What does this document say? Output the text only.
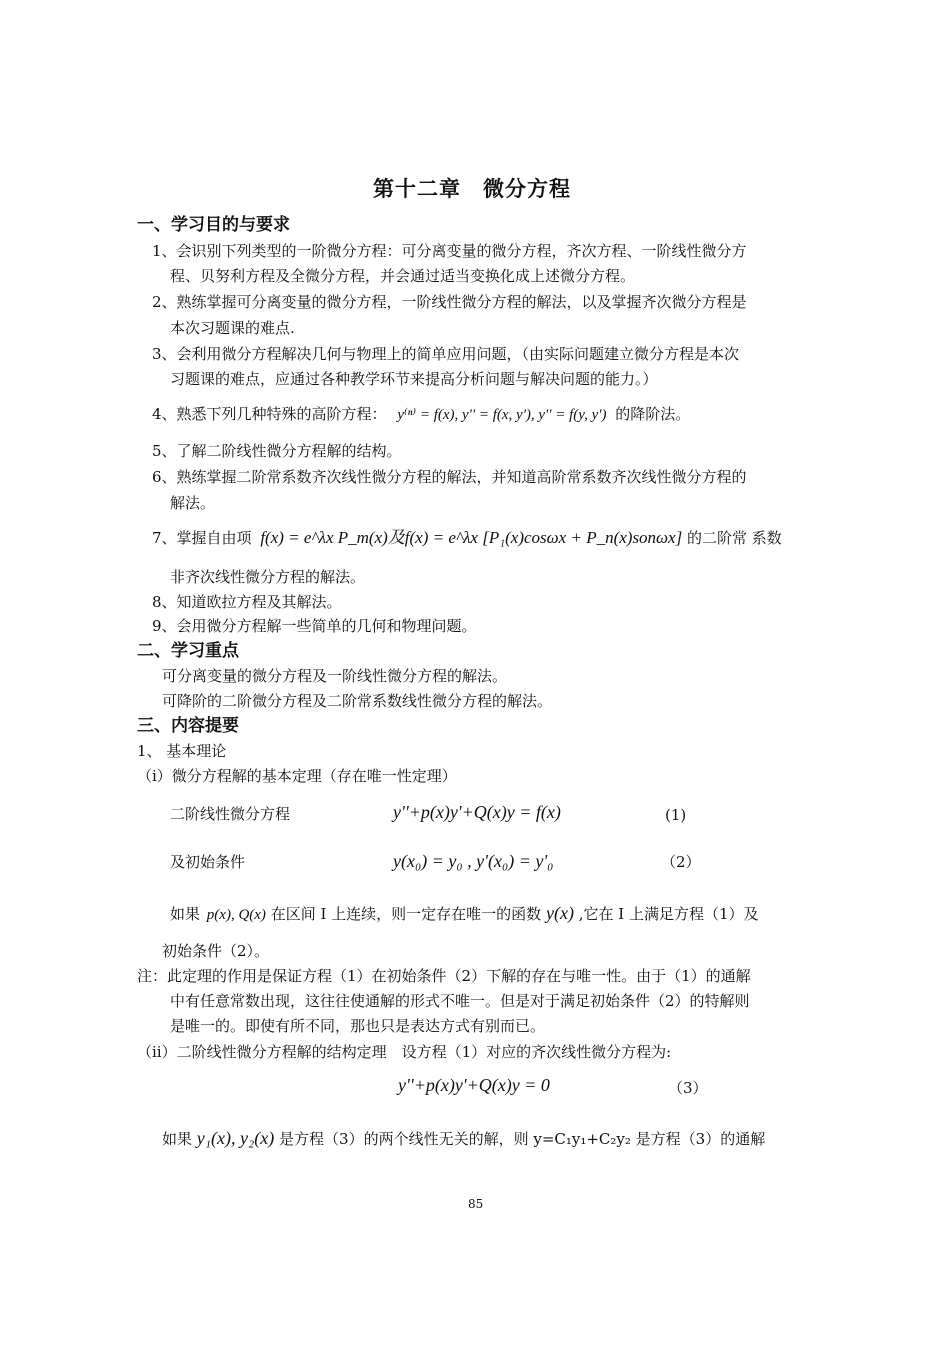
第十二章　微分方程
一、学习目的与要求
1、会识别下列类型的一阶微分方程：可分离变量的微分方程，齐次方程、一阶线性微分方
程、贝努利方程及全微分方程，并会通过适当变换化成上述微分方程。
2、熟练掌握可分离变量的微分方程，一阶线性微分方程的解法，以及掌握齐次微分方程是
本次习题课的难点.
3、会利用微分方程解决几何与物理上的简单应用问题，（由实际问题建立微分方程是本次
习题课的难点，应通过各种教学环节来提高分析问题与解决问题的能力。）
4、熟悉下列几种特殊的高阶方程： y⁽ⁿ⁾ = f(x), y'' = f(x, y'), y'' = f(y, y') 的降阶法。
5、了解二阶线性微分方程解的结构。
6、熟练掌握二阶常系数齐次线性微分方程的解法，并知道高阶常系数齐次线性微分方程的
解法。
7、掌握自由项 f(x) = e^λx P_m(x)及f(x) = e^λx [P₁(x)cosωx + P_n(x)sonωx] 的二阶常 系数
非齐次线性微分方程的解法。
8、知道欧拉方程及其解法。
9、会用微分方程解一些简单的几何和物理问题。
二、学习重点
可分离变量的微分方程及一阶线性微分方程的解法。
可降阶的二阶微分方程及二阶常系数线性微分方程的解法。
三、内容提要
1、 基本理论
（ⅰ）微分方程解的基本定理（存在唯一性定理）
二阶线性微分方程	y''+p(x)y'+Q(x)y = f(x)	(1)
及初始条件	y(x₀) = y₀ , y'(x₀) = y'₀	（2）
如果 p(x), Q(x) 在区间 I 上连续，则一定存在唯一的函数 y(x) ,它在 I 上满足方程（1）及
初始条件（2）。
注：此定理的作用是保证方程（1）在初始条件（2）下解的存在与唯一性。由于（1）的通解
中有任意常数出现，这往往使通解的形式不唯一。但是对于满足初始条件（2）的特解则
是唯一的。即使有所不同，那也只是表达方式有别而已。
（ⅱ）二阶线性微分方程解的结构定理　设方程（1）对应的齐次线性微分方程为:
y''+p(x)y'+Q(x)y = 0	（3）
如果 y₁(x), y₂(x) 是方程（3）的两个线性无关的解，则 y=C₁y₁+C₂y₂ 是方程（3）的通解
85
